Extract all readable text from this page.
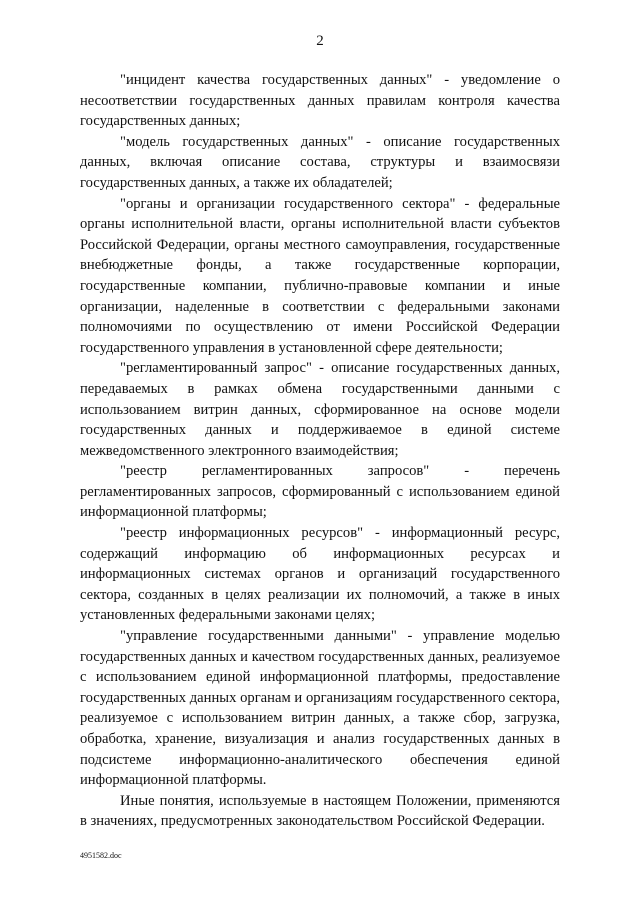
2

"инцидент качества государственных данных" - уведомление о несоответствии государственных данных правилам контроля качества государственных данных;

"модель государственных данных" - описание государственных данных, включая описание состава, структуры и взаимосвязи государственных данных, а также их обладателей;

"органы и организации государственного сектора" - федеральные органы исполнительной власти, органы исполнительной власти субъектов Российской Федерации, органы местного самоуправления, государственные внебюджетные фонды, а также государственные корпорации, государственные компании, публично-правовые компании и иные организации, наделенные в соответствии с федеральными законами полномочиями по осуществлению от имени Российской Федерации государственного управления в установленной сфере деятельности;

"регламентированный запрос" - описание государственных данных, передаваемых в рамках обмена государственными данными с использованием витрин данных, сформированное на основе модели государственных данных и поддерживаемое в единой системе межведомственного электронного взаимодействия;

"реестр регламентированных запросов" - перечень регламентированных запросов, сформированный с использованием единой информационной платформы;

"реестр информационных ресурсов" - информационный ресурс, содержащий информацию об информационных ресурсах и информационных системах органов и организаций государственного сектора, созданных в целях реализации их полномочий, а также в иных установленных федеральными законами целях;

"управление государственными данными" - управление моделью государственных данных и качеством государственных данных, реализуемое с использованием единой информационной платформы, предоставление государственных данных органам и организациям государственного сектора, реализуемое с использованием витрин данных, а также сбор, загрузка, обработка, хранение, визуализация и анализ государственных данных в подсистеме информационно-аналитического обеспечения единой информационной платформы.

Иные понятия, используемые в настоящем Положении, применяются в значениях, предусмотренных законодательством Российской Федерации.

4951582.doc
